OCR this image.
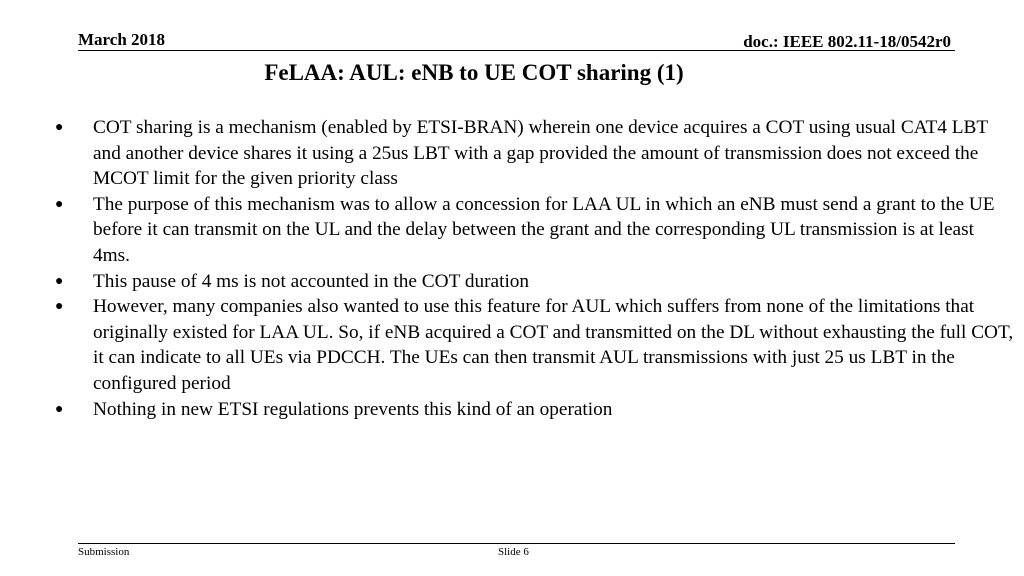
March 2018	doc.: IEEE 802.11-18/0542r0
FeLAA: AUL: eNB to UE COT sharing (1)
● COT sharing is a mechanism (enabled by ETSI-BRAN) wherein one device acquires a COT using usual CAT4 LBT and another device shares it using a 25us LBT with a gap provided the amount of transmission does not exceed the MCOT limit for the given priority class
● The purpose of this mechanism was to allow a concession for LAA UL in which an eNB must send a grant to the UE before it can transmit on the UL and the delay between the grant and the corresponding UL transmission is at least 4ms.
● This pause of 4 ms is not accounted in the COT duration
● However, many companies also wanted to use this feature for AUL which suffers from none of the limitations that originally existed for LAA UL. So, if eNB acquired a COT and transmitted on the DL without exhausting the full COT, it can indicate to all UEs via PDCCH. The UEs can then transmit AUL transmissions with just 25 us LBT in the configured period
● Nothing in new ETSI regulations prevents this kind of an operation
Submission	Slide 6
